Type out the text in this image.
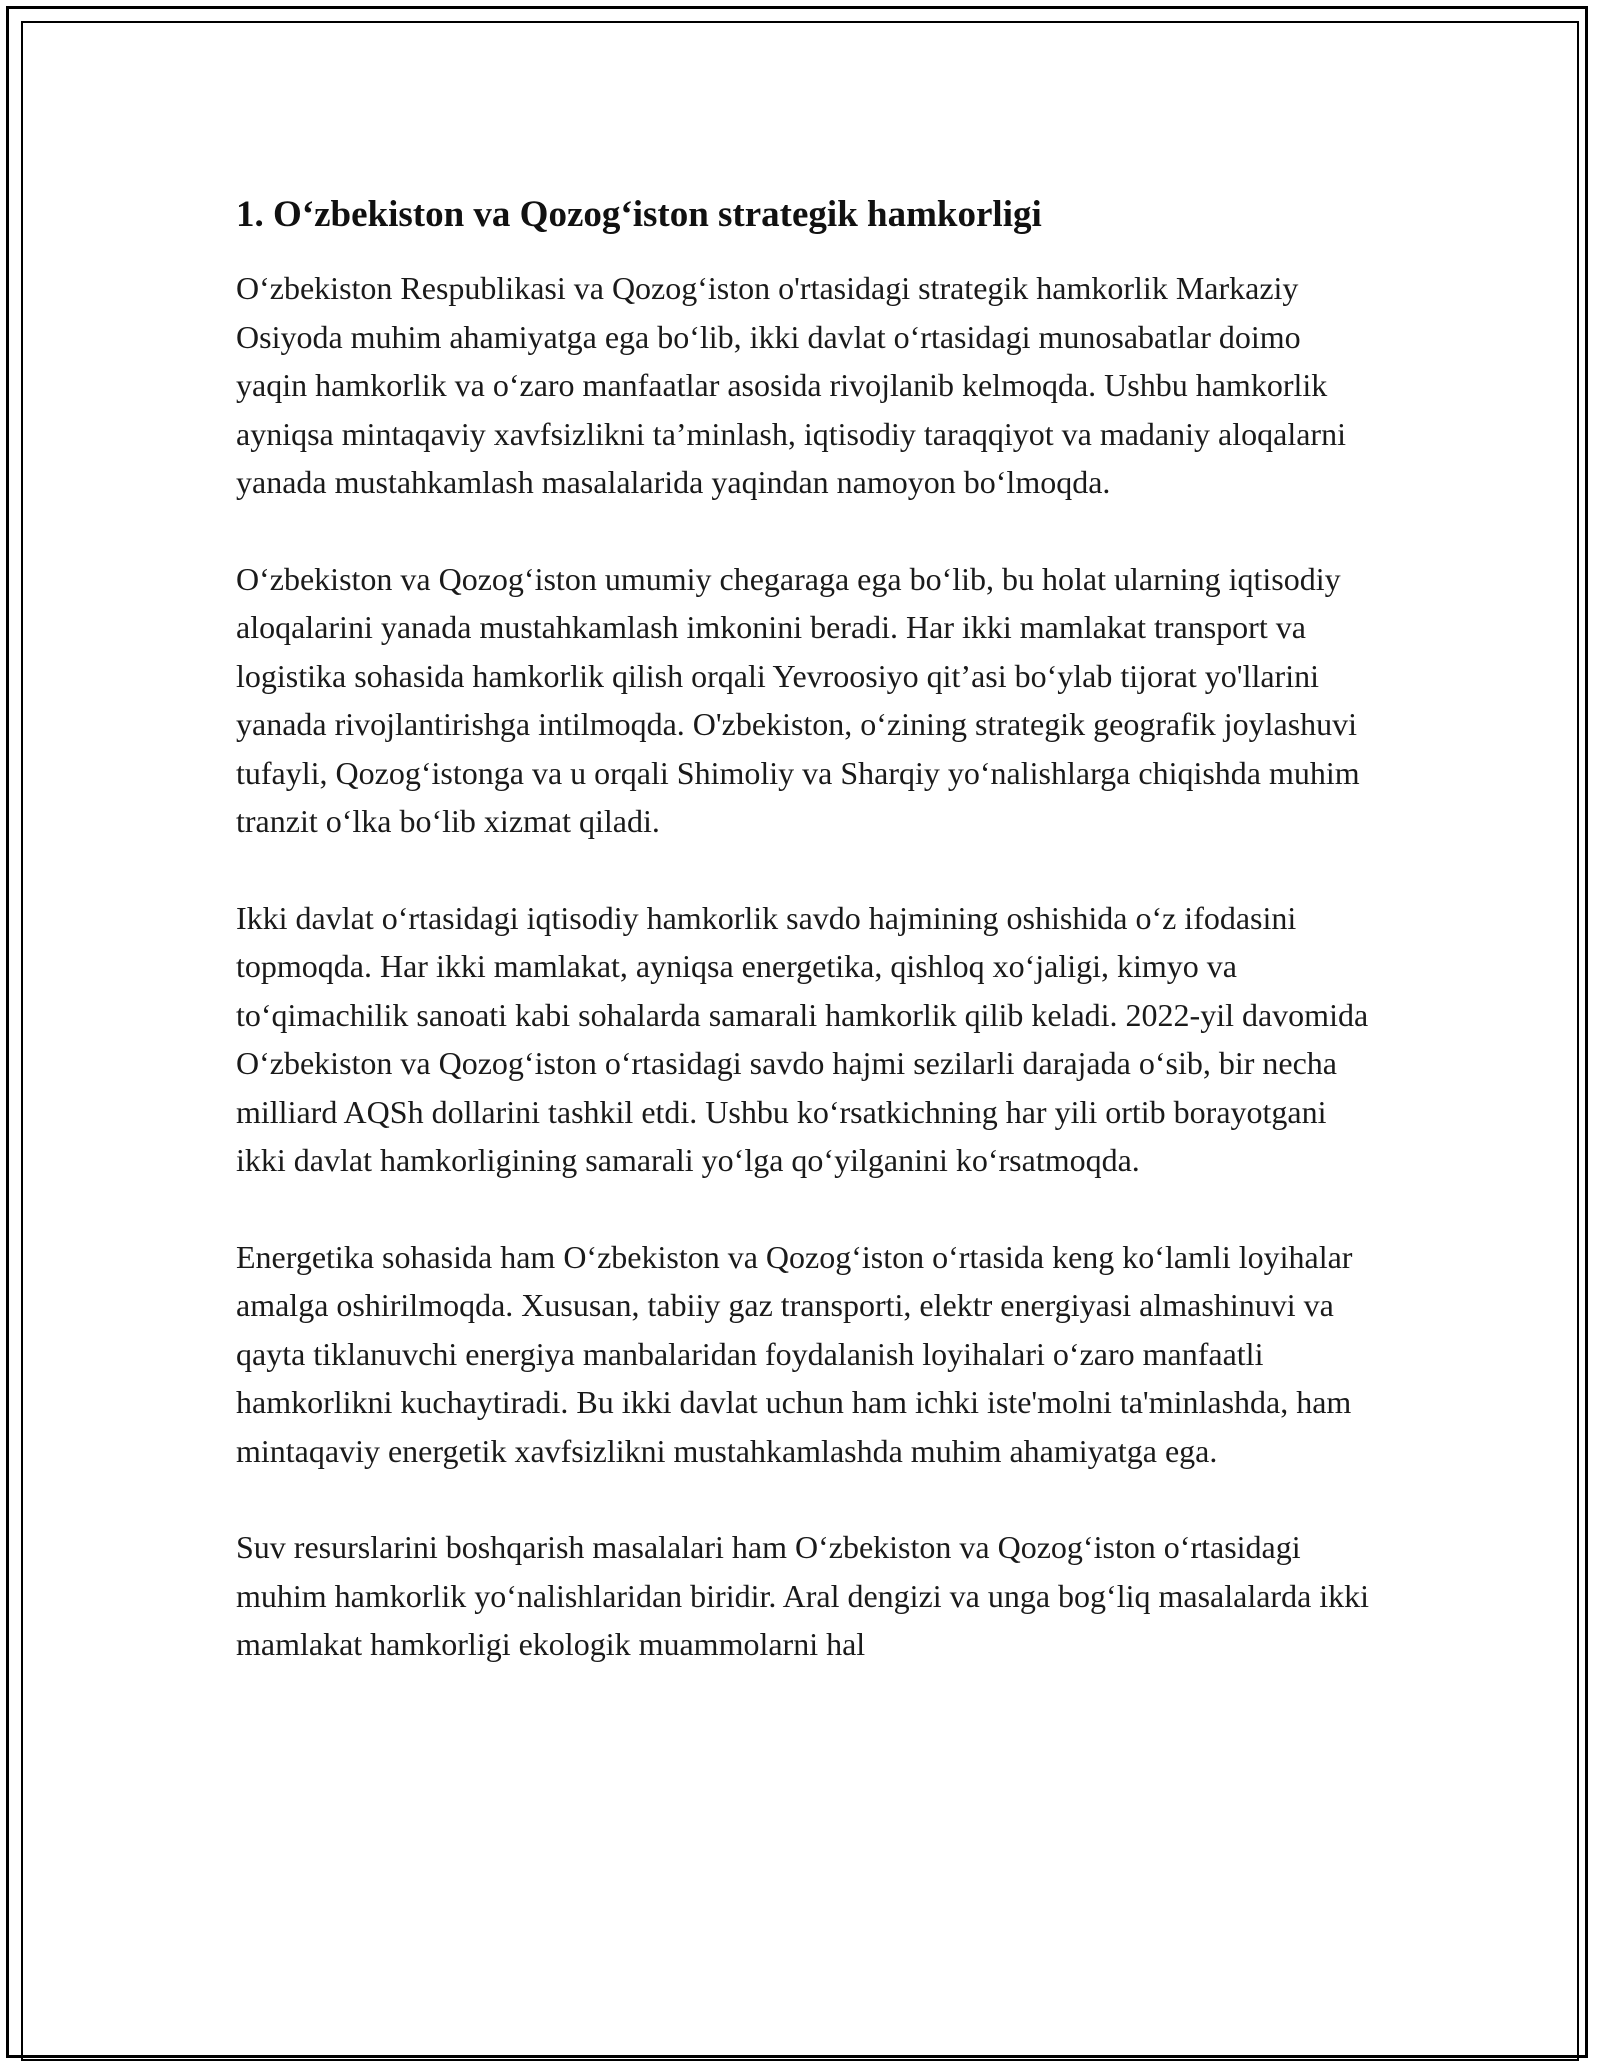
1. O‘zbekiston va Qozog‘iston strategik hamkorligi

O‘zbekiston Respublikasi va Qozog‘iston o'rtasidagi strategik hamkorlik Markaziy Osiyoda muhim ahamiyatga ega bo‘lib, ikki davlat o‘rtasidagi munosabatlar doimo yaqin hamkorlik va o‘zaro manfaatlar asosida rivojlanib kelmoqda. Ushbu hamkorlik ayniqsa mintaqaviy xavfsizlikni ta’minlash, iqtisodiy taraqqiyot va madaniy aloqalarni yanada mustahkamlash masalalarida yaqindan namoyon bo‘lmoqda.

O‘zbekiston va Qozog‘iston umumiy chegaraga ega bo‘lib, bu holat ularning iqtisodiy aloqalarini yanada mustahkamlash imkonini beradi. Har ikki mamlakat transport va logistika sohasida hamkorlik qilish orqali Yevroosiyo qit’asi bo‘ylab tijorat yo'llarini yanada rivojlantirishga intilmoqda. O'zbekiston, o‘zining strategik geografik joylashuvi tufayli, Qozog‘istonga va u orqali Shimoliy va Sharqiy yo‘nalishlarga chiqishda muhim tranzit o‘lka bo‘lib xizmat qiladi.

Ikki davlat o‘rtasidagi iqtisodiy hamkorlik savdo hajmining oshishida o‘z ifodasini topmoqda. Har ikki mamlakat, ayniqsa energetika, qishloq xo‘jaligi, kimyo va to‘qimachilik sanoati kabi sohalarda samarali hamkorlik qilib keladi. 2022-yil davomida O‘zbekiston va Qozog‘iston o‘rtasidagi savdo hajmi sezilarli darajada o‘sib, bir necha milliard AQSh dollarini tashkil etdi. Ushbu ko‘rsatkichning har yili ortib borayotgani ikki davlat hamkorligining samarali yo‘lga qo‘yilganini ko‘rsatmoqda.

Energetika sohasida ham O‘zbekiston va Qozog‘iston o‘rtasida keng ko‘lamli loyihalar amalga oshirilmoqda. Xususan, tabiiy gaz transporti, elektr energiyasi almashinuvi va qayta tiklanuvchi energiya manbalaridan foydalanish loyihalari o‘zaro manfaatli hamkorlikni kuchaytiradi. Bu ikki davlat uchun ham ichki iste'molni ta'minlashda, ham mintaqaviy energetik xavfsizlikni mustahkamlashda muhim ahamiyatga ega.

Suv resurslarini boshqarish masalalari ham O‘zbekiston va Qozog‘iston o‘rtasidagi muhim hamkorlik yo‘nalishlaridan biridir. Aral dengizi va unga bog‘liq masalalarda ikki mamlakat hamkorligi ekologik muammolarni hal
